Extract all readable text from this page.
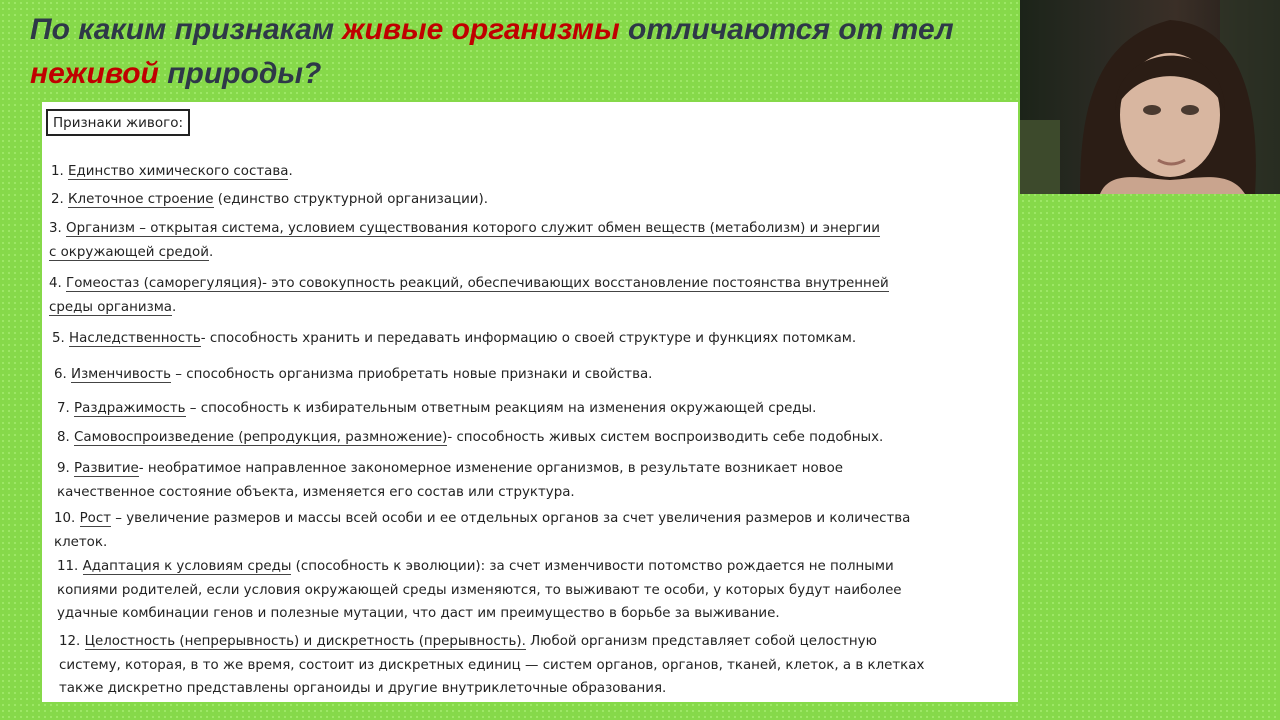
По каким признакам живые организмы отличаются от тел
неживой природы?
Признаки живого:
1. Единство химического состава.
2. Клеточное строение (единство структурной организации).
3. Организм – открытая система, условием существования которого служит обмен веществ (метаболизм) и энергии
с окружающей средой.
4. Гомеостаз (саморегуляция)- это совокупность реакций, обеспечивающих восстановление постоянства внутренней
среды организма.
5. Наследственность- способность хранить и передавать информацию о своей структуре и функциях потомкам.
6. Изменчивость – способность организма приобретать новые признаки и свойства.
7. Раздражимость – способность к избирательным ответным реакциям на изменения окружающей среды.
8. Самовоспроизведение (репродукция, размножение)- способность живых систем воспроизводить себе подобных.
9. Развитие- необратимое направленное закономерное изменение организмов, в результате возникает новое
качественное состояние объекта, изменяется его состав или структура.
10. Рост – увеличение размеров и массы всей особи и ее отдельных органов за счет увеличения размеров и количества
клеток.
11. Адаптация к условиям среды (способность к эволюции): за счет изменчивости потомство рождается не полными
копиями родителей, если условия окружающей среды изменяются, то выживают те особи, у которых будут наиболее
удачные комбинации генов и полезные мутации, что даст им преимущество в борьбе за выживание.
12. Целостность (непрерывность) и дискретность (прерывность). Любой организм представляет собой целостную
систему, которая, в то же время, состоит из дискретных единиц — систем органов, органов, тканей, клеток, а в клетках
также дискретно представлены органоиды и другие внутриклеточные образования.
